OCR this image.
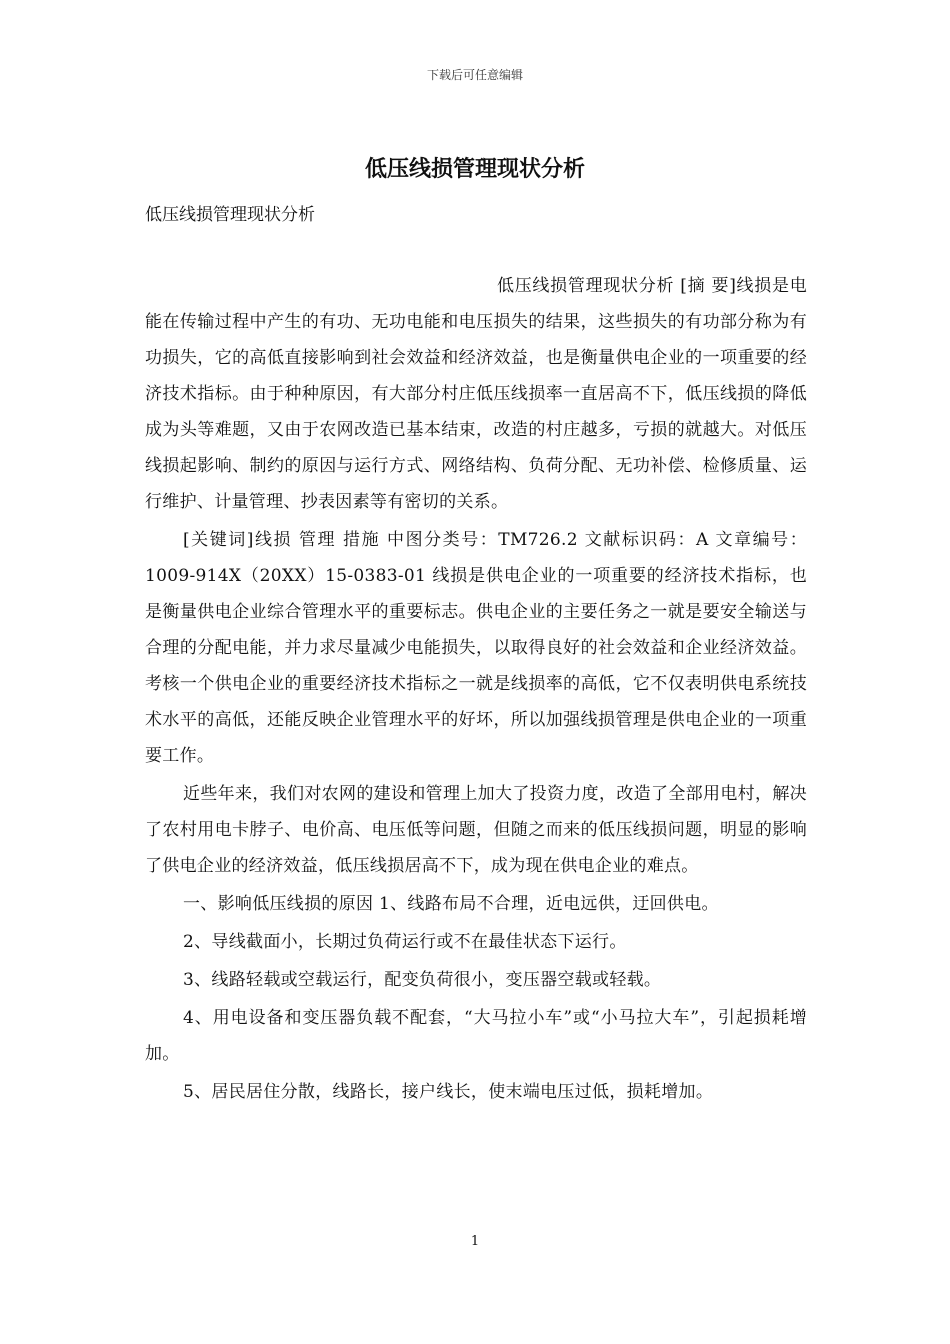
下载后可任意编辑
低压线损管理现状分析

低压线损管理现状分析

低压线损管理现状分析 [摘 要]线损是电能在传输过程中产生的有功、无功电能和电压损失的结果，这些损失的有功部分称为有功损失，它的高低直接影响到社会效益和经济效益，也是衡量供电企业的一项重要的经济技术指标。由于种种原因，有大部分村庄低压线损率一直居高不下，低压线损的降低成为头等难题，又由于农网改造已基本结束，改造的村庄越多，亏损的就越大。对低压线损起影响、制约的原因与运行方式、网络结构、负荷分配、无功补偿、检修质量、运行维护、计量管理、抄表因素等有密切的关系。

[关键词]线损 管理 措施 中图分类号：TM726.2 文献标识码：A 文章编号：1009-914X（20XX）15-0383-01 线损是供电企业的一项重要的经济技术指标，也是衡量供电企业综合管理水平的重要标志。供电企业的主要任务之一就是要安全输送与合理的分配电能，并力求尽量减少电能损失，以取得良好的社会效益和企业经济效益。考核一个供电企业的重要经济技术指标之一就是线损率的高低，它不仅表明供电系统技术水平的高低，还能反映企业管理水平的好坏，所以加强线损管理是供电企业的一项重要工作。

近些年来，我们对农网的建设和管理上加大了投资力度，改造了全部用电村，解决了农村用电卡脖子、电价高、电压低等问题，但随之而来的低压线损问题，明显的影响了供电企业的经济效益，低压线损居高不下，成为现在供电企业的难点。

一、影响低压线损的原因 1、线路布局不合理，近电远供，迂回供电。

2、导线截面小，长期过负荷运行或不在最佳状态下运行。

3、线路轻载或空载运行，配变负荷很小，变压器空载或轻载。

4、用电设备和变压器负载不配套，“大马拉小车”或“小马拉大车”，引起损耗增加。

5、居民居住分散，线路长，接户线长，使末端电压过低，损耗增加。

1
